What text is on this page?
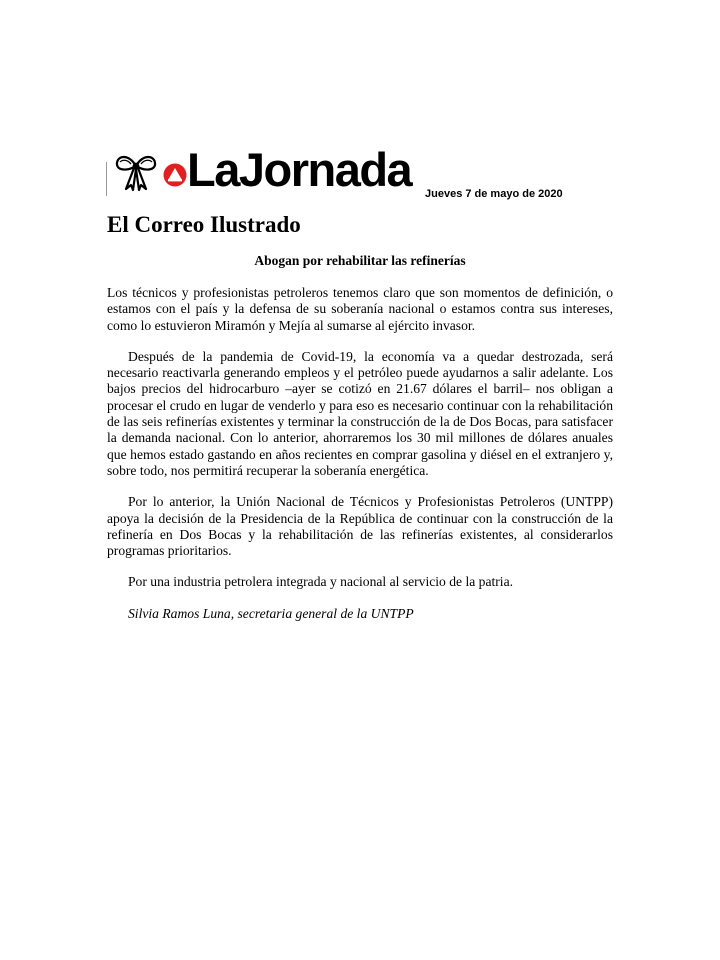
LaJornada Jueves 7 de mayo de 2020
El Correo Ilustrado
Abogan por rehabilitar las refinerías

Los técnicos y profesionistas petroleros tenemos claro que son momentos de definición, o estamos con el país y la defensa de su soberanía nacional o estamos contra sus intereses, como lo estuvieron Miramón y Mejía al sumarse al ejército invasor.

Después de la pandemia de Covid-19, la economía va a quedar destrozada, será necesario reactivarla generando empleos y el petróleo puede ayudarnos a salir adelante. Los bajos precios del hidrocarburo –ayer se cotizó en 21.67 dólares el barril– nos obligan a procesar el crudo en lugar de venderlo y para eso es necesario continuar con la rehabilitación de las seis refinerías existentes y terminar la construcción de la de Dos Bocas, para satisfacer la demanda nacional. Con lo anterior, ahorraremos los 30 mil millones de dólares anuales que hemos estado gastando en años recientes en comprar gasolina y diésel en el extranjero y, sobre todo, nos permitirá recuperar la soberanía energética.

Por lo anterior, la Unión Nacional de Técnicos y Profesionistas Petroleros (UNTPP) apoya la decisión de la Presidencia de la República de continuar con la construcción de la refinería en Dos Bocas y la rehabilitación de las refinerías existentes, al considerarlos programas prioritarios.

Por una industria petrolera integrada y nacional al servicio de la patria.

Silvia Ramos Luna, secretaria general de la UNTPP
